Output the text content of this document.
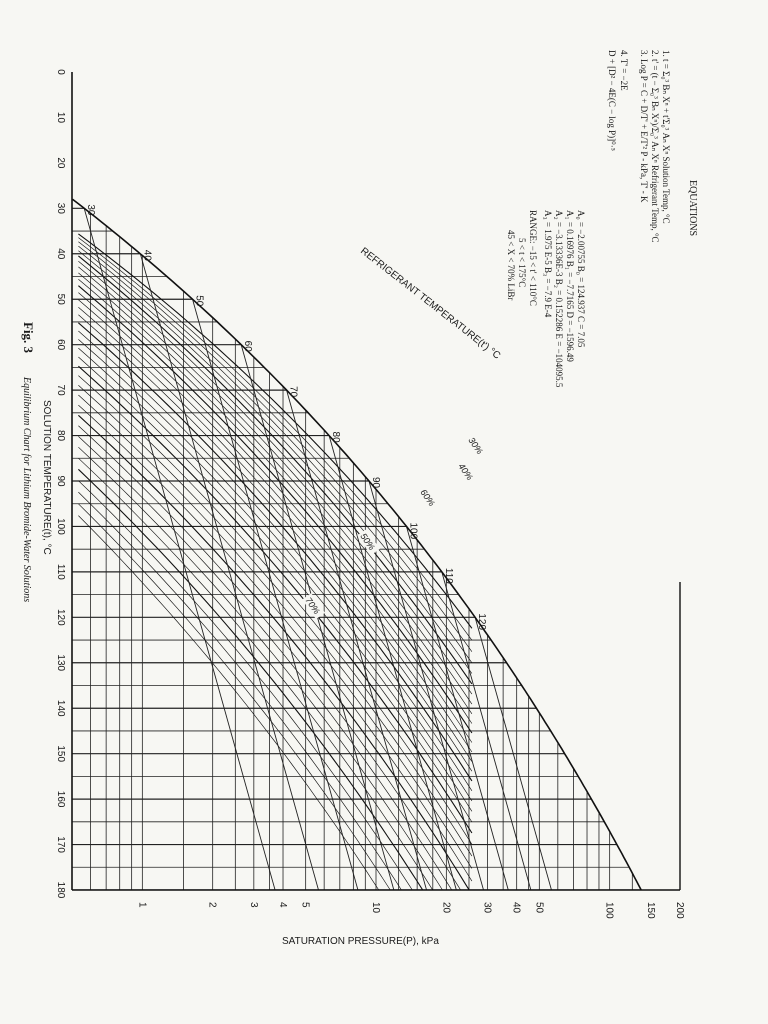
0
10
20
30
40
50
60
70
80
90
100
110
120
130
140
150
160
170
180
1	2	3 4 5	10	20	30 40 50	100	150 200
30
40
50
60
70
80
90
100
110
120
30%
40%
60%
50%
70%
EQUATIONS
1. t = Σ₀³ Bₙ Xⁿ + t'Σ₀³ Aₙ Xⁿ Solution Temp, °C
2. t' = (t − Σ₀³ Bₙ Xⁿ)/Σ₀³ Aₙ Xⁿ Refrigerant Temp, °C
3. Log P = C + D/T' + E/T'² P - kPa, T' - K
4. T' = −2E
D + [D² − 4E(C − log P)]⁰·⁵
A₀ = −2.00755 B₀ = 124.937 C = 7.05
A₁ = 0.16976 B₁ = −7.7165 D = −1596.49
A₂ = −3.13336E-3 B₂ = 0.152286 E = −104095.5
A₃ = 1.975 E-5 B₃ = −7.9 E-4
RANGE: −15 < t' < 110°C
5 < t < 175°C
45 < X < 70% LiBr
Fig. 3
Equilibrium Chart for Lithium Bromide-Water Solutions SOLUTION TEMPERATURE(t), °C
SATURATION PRESSURE(P), kPa
REFRIGERANT TEMPERATURE(t') °C
